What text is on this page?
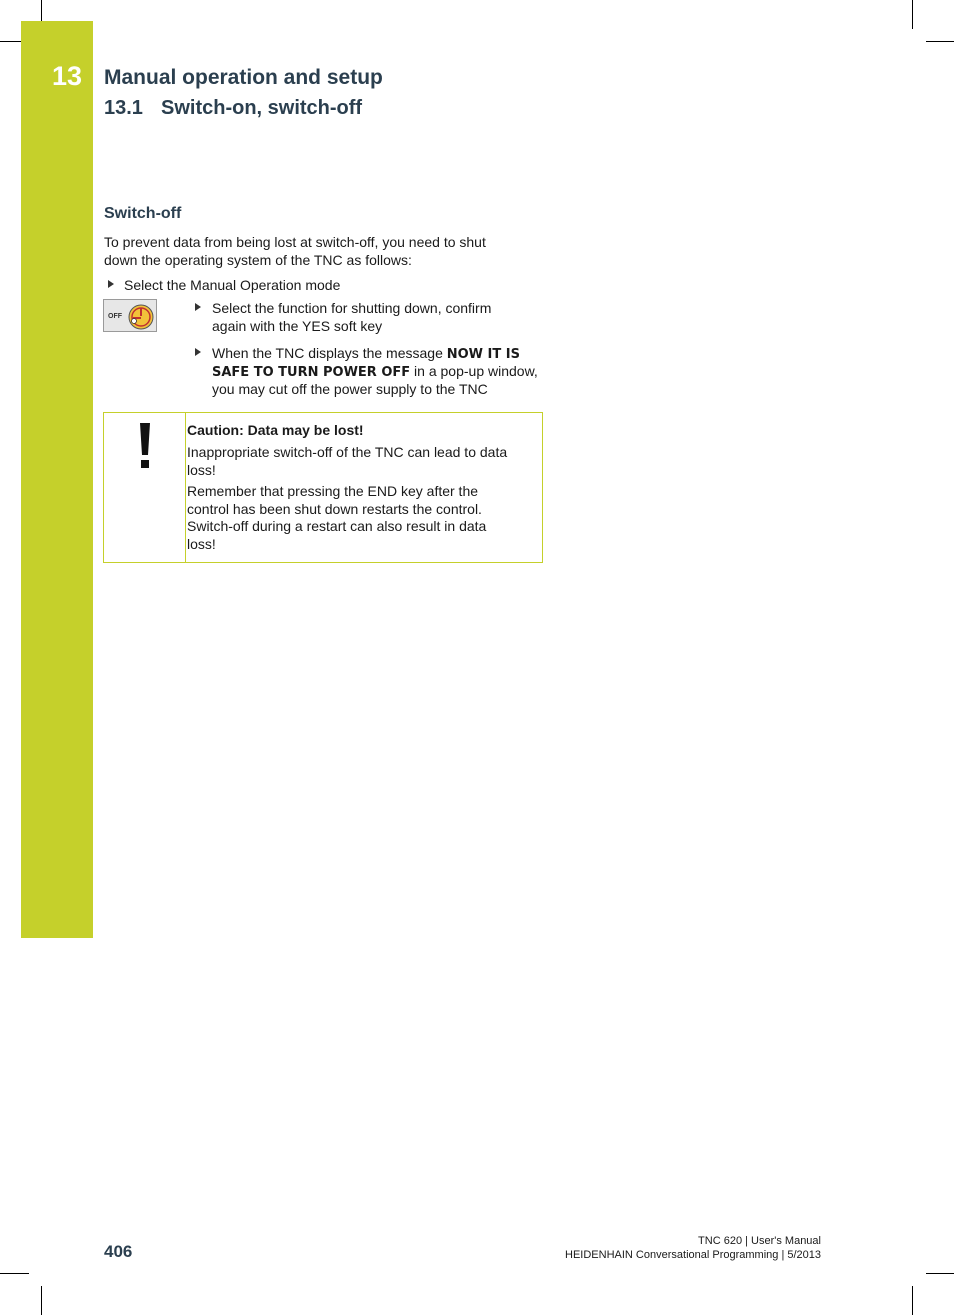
13 Manual operation and setup
13.1 Switch-on, switch-off
Switch-off
To prevent data from being lost at switch-off, you need to shut
down the operating system of the TNC as follows:
Select the Manual Operation mode
OFF
Select the function for shutting down, confirm
again with the YES soft key
When the TNC displays the message NOW IT IS
SAFE TO TURN POWER OFF in a pop-up window,
you may cut off the power supply to the TNC
Caution: Data may be lost!
Inappropriate switch-off of the TNC can lead to data
loss!
Remember that pressing the END key after the
control has been shut down restarts the control.
Switch-off during a restart can also result in data
loss!
406
TNC 620 | User's Manual
HEIDENHAIN Conversational Programming | 5/2013
